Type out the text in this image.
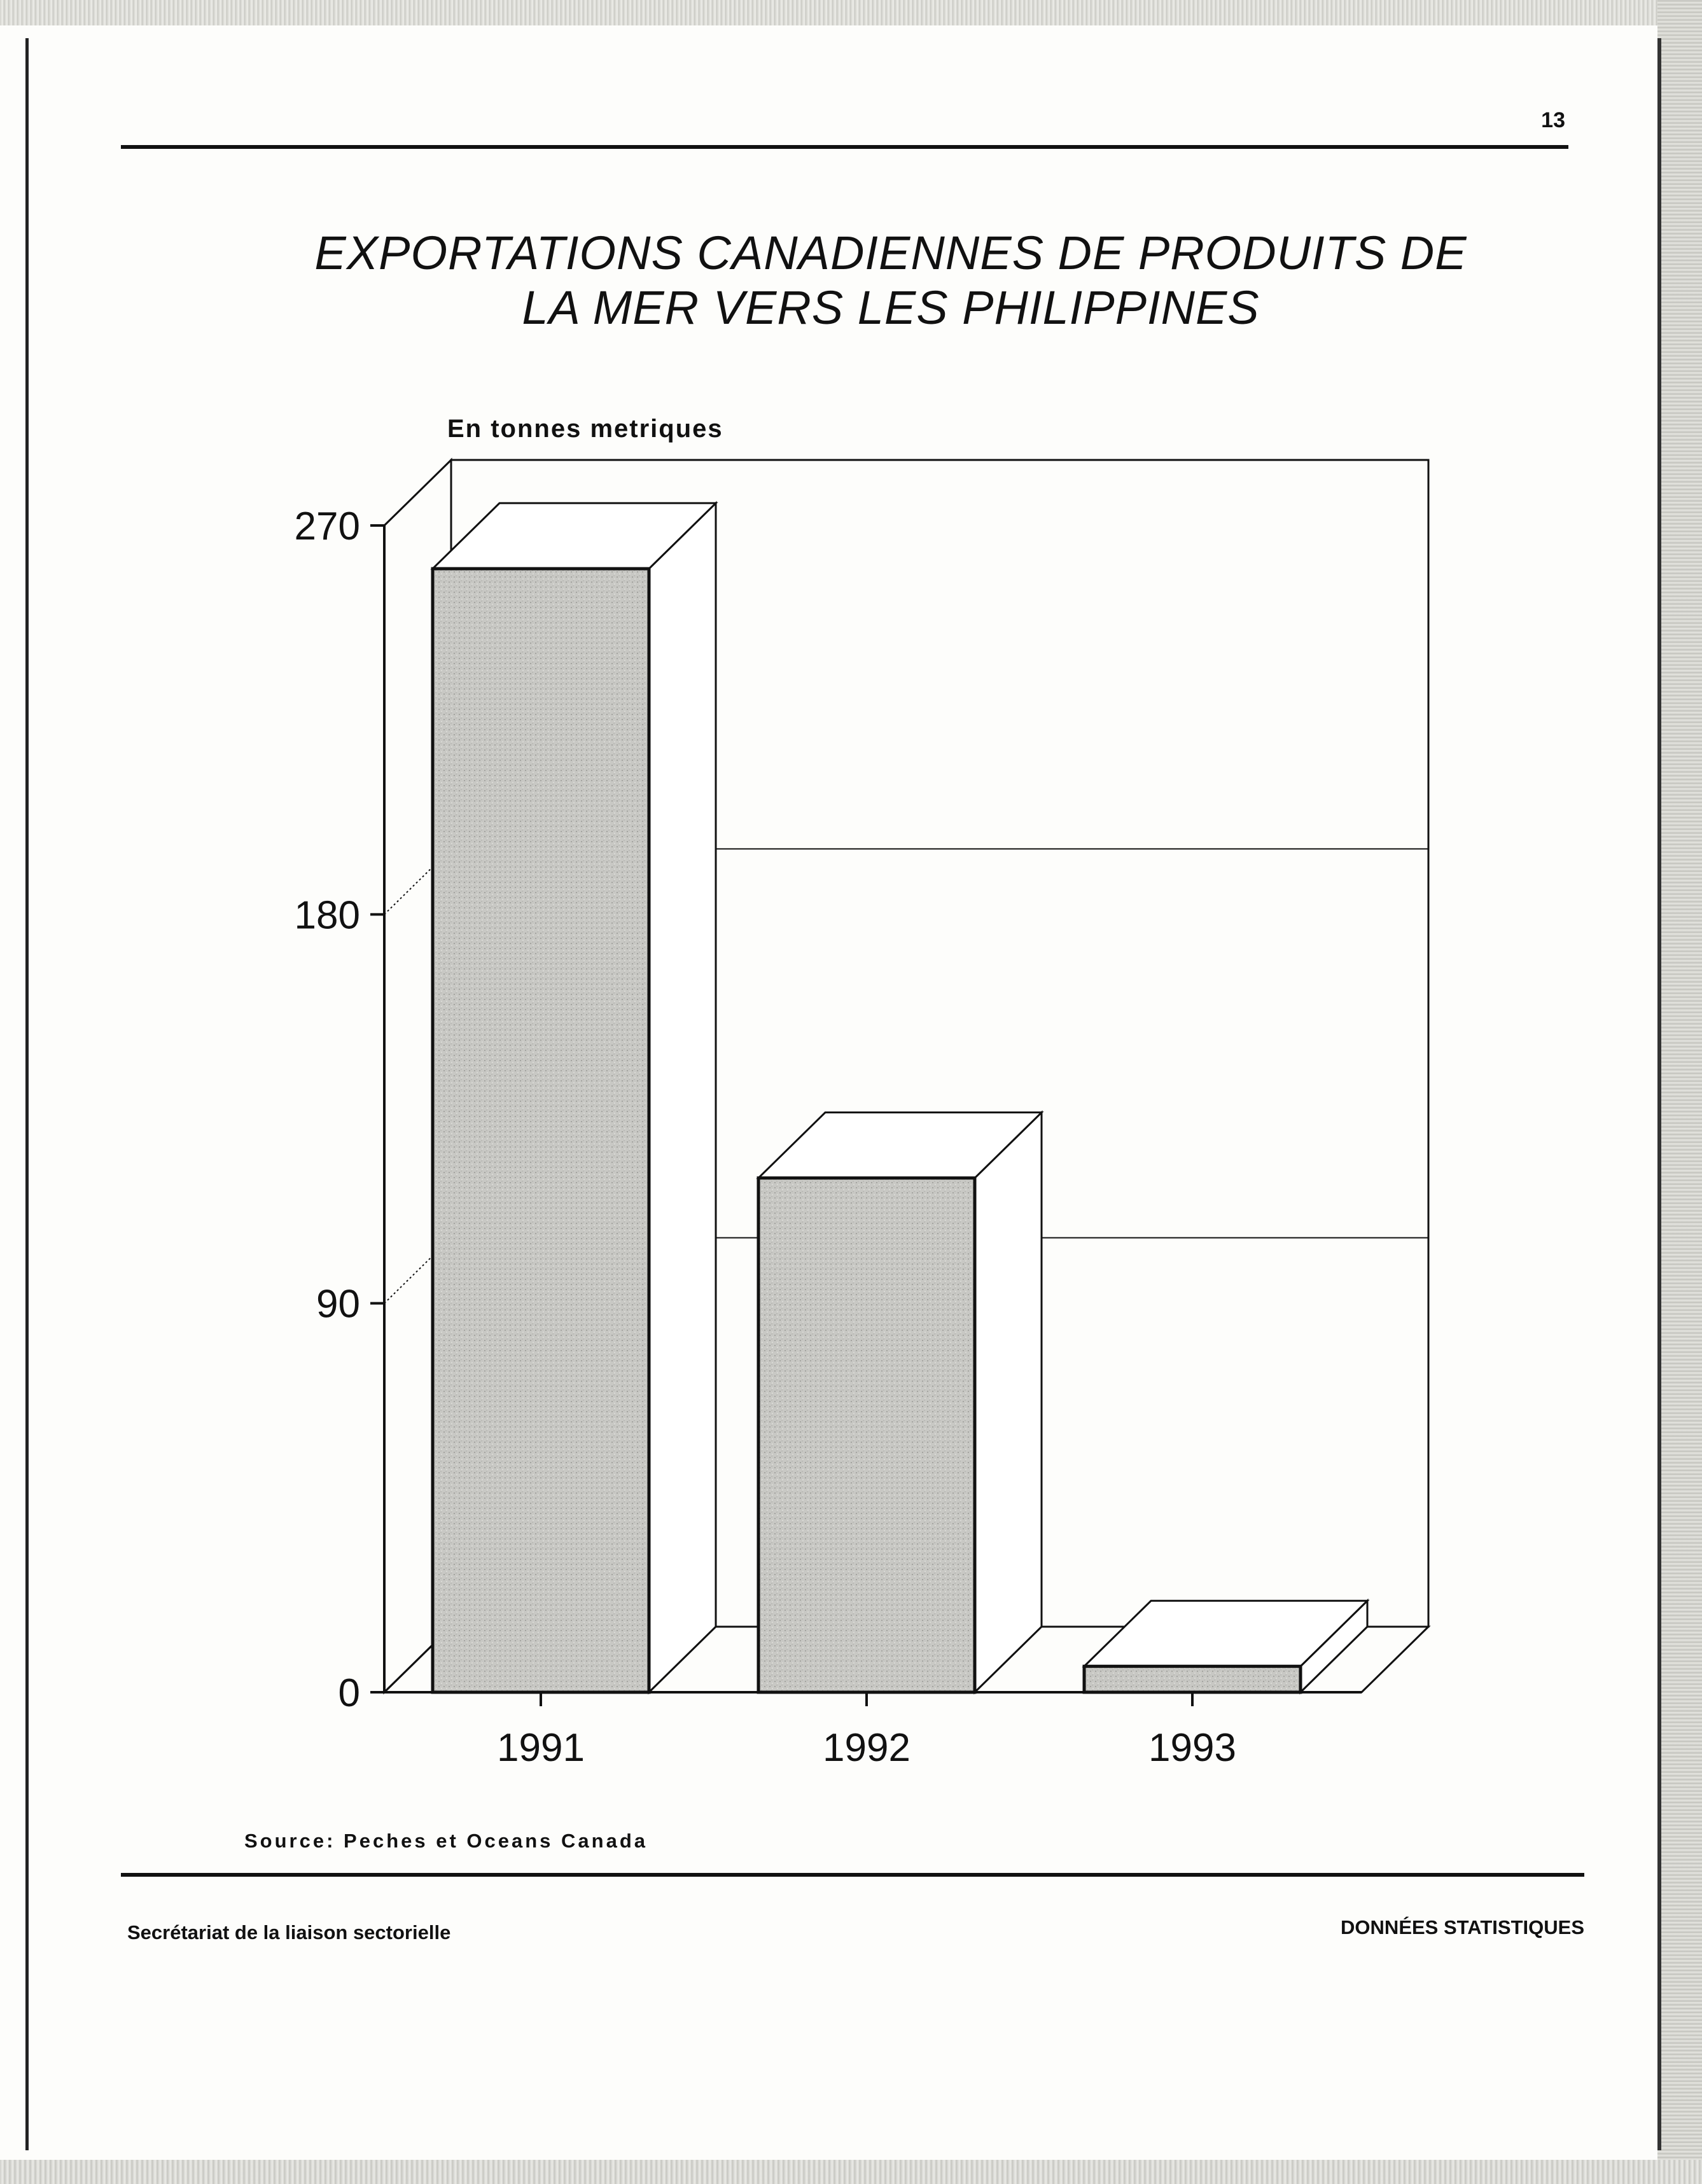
13
EXPORTATIONS CANADIENNES DE PRODUITS DE
LA MER VERS LES PHILIPPINES
En tonnes metriques
0
90
180
270
1991	1992	1993
Source: Peches et Oceans Canada
Secrétariat de la liaison sectorielle	DONNÉES STATISTIQUES
